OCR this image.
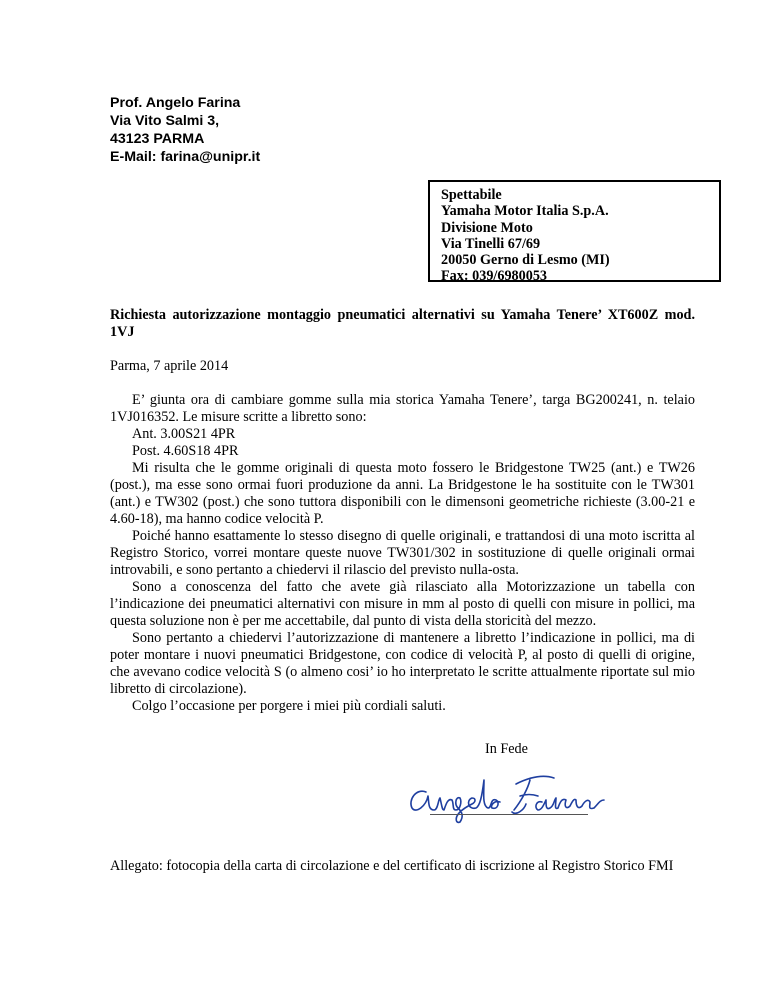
Prof. Angelo Farina
Via Vito Salmi 3,
43123 PARMA
E-Mail: farina@unipr.it
Spettabile
Yamaha Motor Italia S.p.A.
Divisione Moto
Via Tinelli 67/69
20050 Gerno di Lesmo (MI)
Fax: 039/6980053
Richiesta autorizzazione montaggio pneumatici alternativi su Yamaha Tenere’ XT600Z mod. 1VJ
Parma, 7 aprile 2014

E’ giunta ora di cambiare gomme sulla mia storica Yamaha Tenere’, targa BG200241, n. telaio 1VJ016352. Le misure scritte a libretto sono:

Ant. 3.00S21 4PR

Post. 4.60S18 4PR

Mi risulta che le gomme originali di questa moto fossero le Bridgestone TW25 (ant.) e TW26 (post.), ma esse sono ormai fuori produzione da anni. La Bridgestone le ha sostituite con le TW301 (ant.) e TW302 (post.) che sono tuttora disponibili con le dimensoni geometriche richieste (3.00-21 e 4.60-18), ma hanno codice velocità P.

Poiché hanno esattamente lo stesso disegno di quelle originali, e trattandosi di una moto iscritta al Registro Storico, vorrei montare queste nuove TW301/302 in sostituzione di quelle originali ormai introvabili, e sono pertanto a chiedervi il rilascio del previsto nulla-osta.

Sono a conoscenza del fatto che avete già rilasciato alla Motorizzazione un tabella con l’indicazione dei pneumatici alternativi con misure in mm al posto di quelli con misure in pollici, ma questa soluzione non è per me accettabile, dal punto di vista della storicità del mezzo.

Sono pertanto a chiedervi l’autorizzazione di mantenere a libretto l’indicazione in pollici, ma di poter montare i nuovi pneumatici Bridgestone, con codice di velocità P, al posto di quelli di origine, che avevano codice velocità S (o almeno cosi’ io ho interpretato le scritte attualmente riportate sul mio libretto di circolazione).

Colgo l’occasione per porgere i miei più cordiali saluti.

In Fede
Allegato: fotocopia della carta di circolazione e del certificato di iscrizione al Registro Storico FMI
